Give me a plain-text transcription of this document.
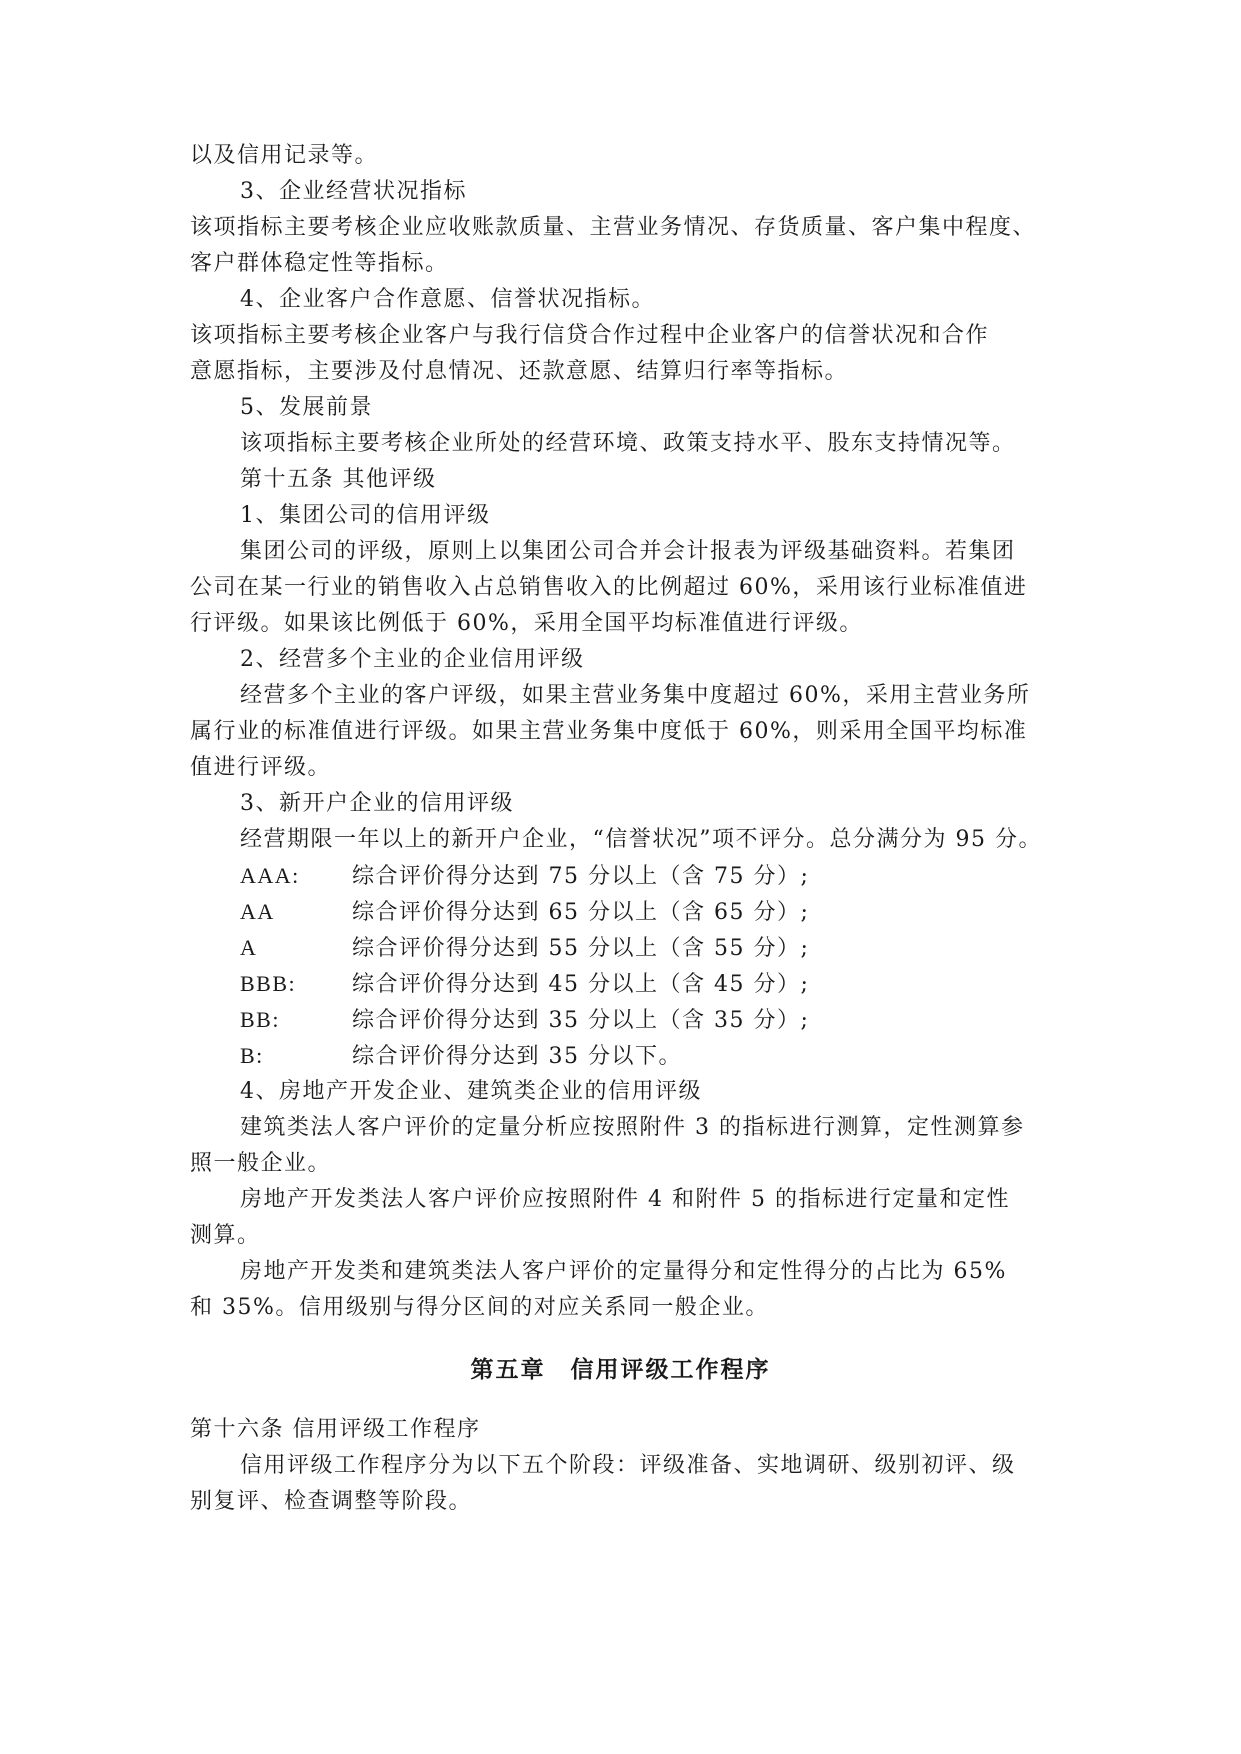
以及信用记录等。

3、企业经营状况指标

该项指标主要考核企业应收账款质量、主营业务情况、存货质量、客户集中程度、

客户群体稳定性等指标。

4、企业客户合作意愿、信誉状况指标。

该项指标主要考核企业客户与我行信贷合作过程中企业客户的信誉状况和合作

意愿指标，主要涉及付息情况、还款意愿、结算归行率等指标。

5、发展前景

该项指标主要考核企业所处的经营环境、政策支持水平、股东支持情况等。

第十五条 其他评级

1、集团公司的信用评级

集团公司的评级，原则上以集团公司合并会计报表为评级基础资料。若集团

公司在某一行业的销售收入占总销售收入的比例超过 60%，采用该行业标准值进

行评级。如果该比例低于 60%，采用全国平均标准值进行评级。

2、经营多个主业的企业信用评级

经营多个主业的客户评级，如果主营业务集中度超过 60%，采用主营业务所

属行业的标准值进行评级。如果主营业务集中度低于 60%，则采用全国平均标准

值进行评级。

3、新开户企业的信用评级

经营期限一年以上的新开户企业，“信誉状况”项不评分。总分满分为 95 分。

AAA: 综合评价得分达到 75 分以上（含 75 分）;
AA	综合评价得分达到 65 分以上（含 65 分）;
A	综合评价得分达到 55 分以上（含 55 分）;
BBB:	综合评价得分达到 45 分以上（含 45 分）;
BB:	综合评价得分达到 35 分以上（含 35 分）;
B:	综合评价得分达到 35 分以下。

4、房地产开发企业、建筑类企业的信用评级

建筑类法人客户评价的定量分析应按照附件 3 的指标进行测算，定性测算参

照一般企业。

房地产开发类法人客户评价应按照附件 4 和附件 5 的指标进行定量和定性

测算。

房地产开发类和建筑类法人客户评价的定量得分和定性得分的占比为 65%

和 35%。信用级别与得分区间的对应关系同一般企业。

第五章　信用评级工作程序

第十六条 信用评级工作程序

信用评级工作程序分为以下五个阶段：评级准备、实地调研、级别初评、级

别复评、检查调整等阶段。
